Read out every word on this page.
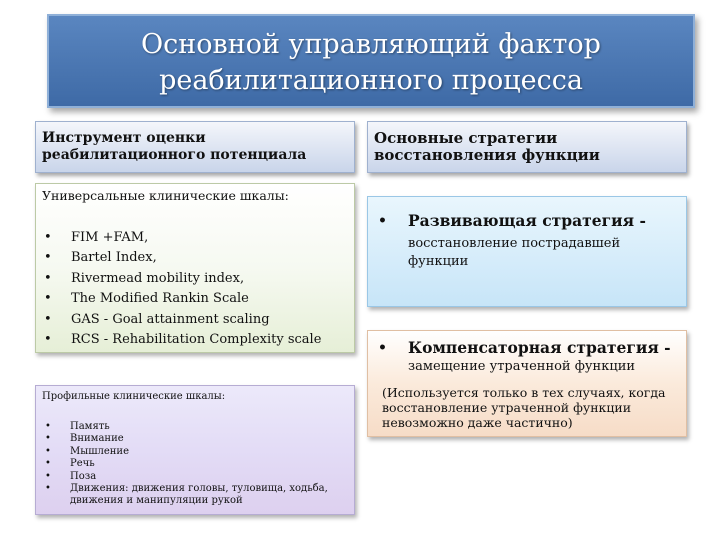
Основной управляющий фактор
реабилитационного процесса
Инструмент оценки
реабилитационного потенциала
Основные стратегии
восстановления функции
Универсальные клинические шкалы:
• FIM +FAM,
• Bartel Index,
• Rivermead mobility index,
• The Modified Rankin Scale
• GAS - Goal attainment scaling
• RCS - Rehabilitation Complexity scale
Профильные клинические шкалы:
• Память
• Внимание
• Мышление
• Речь
• Поза
• Движения: движения головы, туловища, ходьба, движения и манипуляции рукой
• Развивающая стратегия -
восстановление пострадавшей функции
• Компенсаторная стратегия -
замещение утраченной функции
(Используется только в тех случаях, когда восстановление утраченной функции невозможно даже частично)
